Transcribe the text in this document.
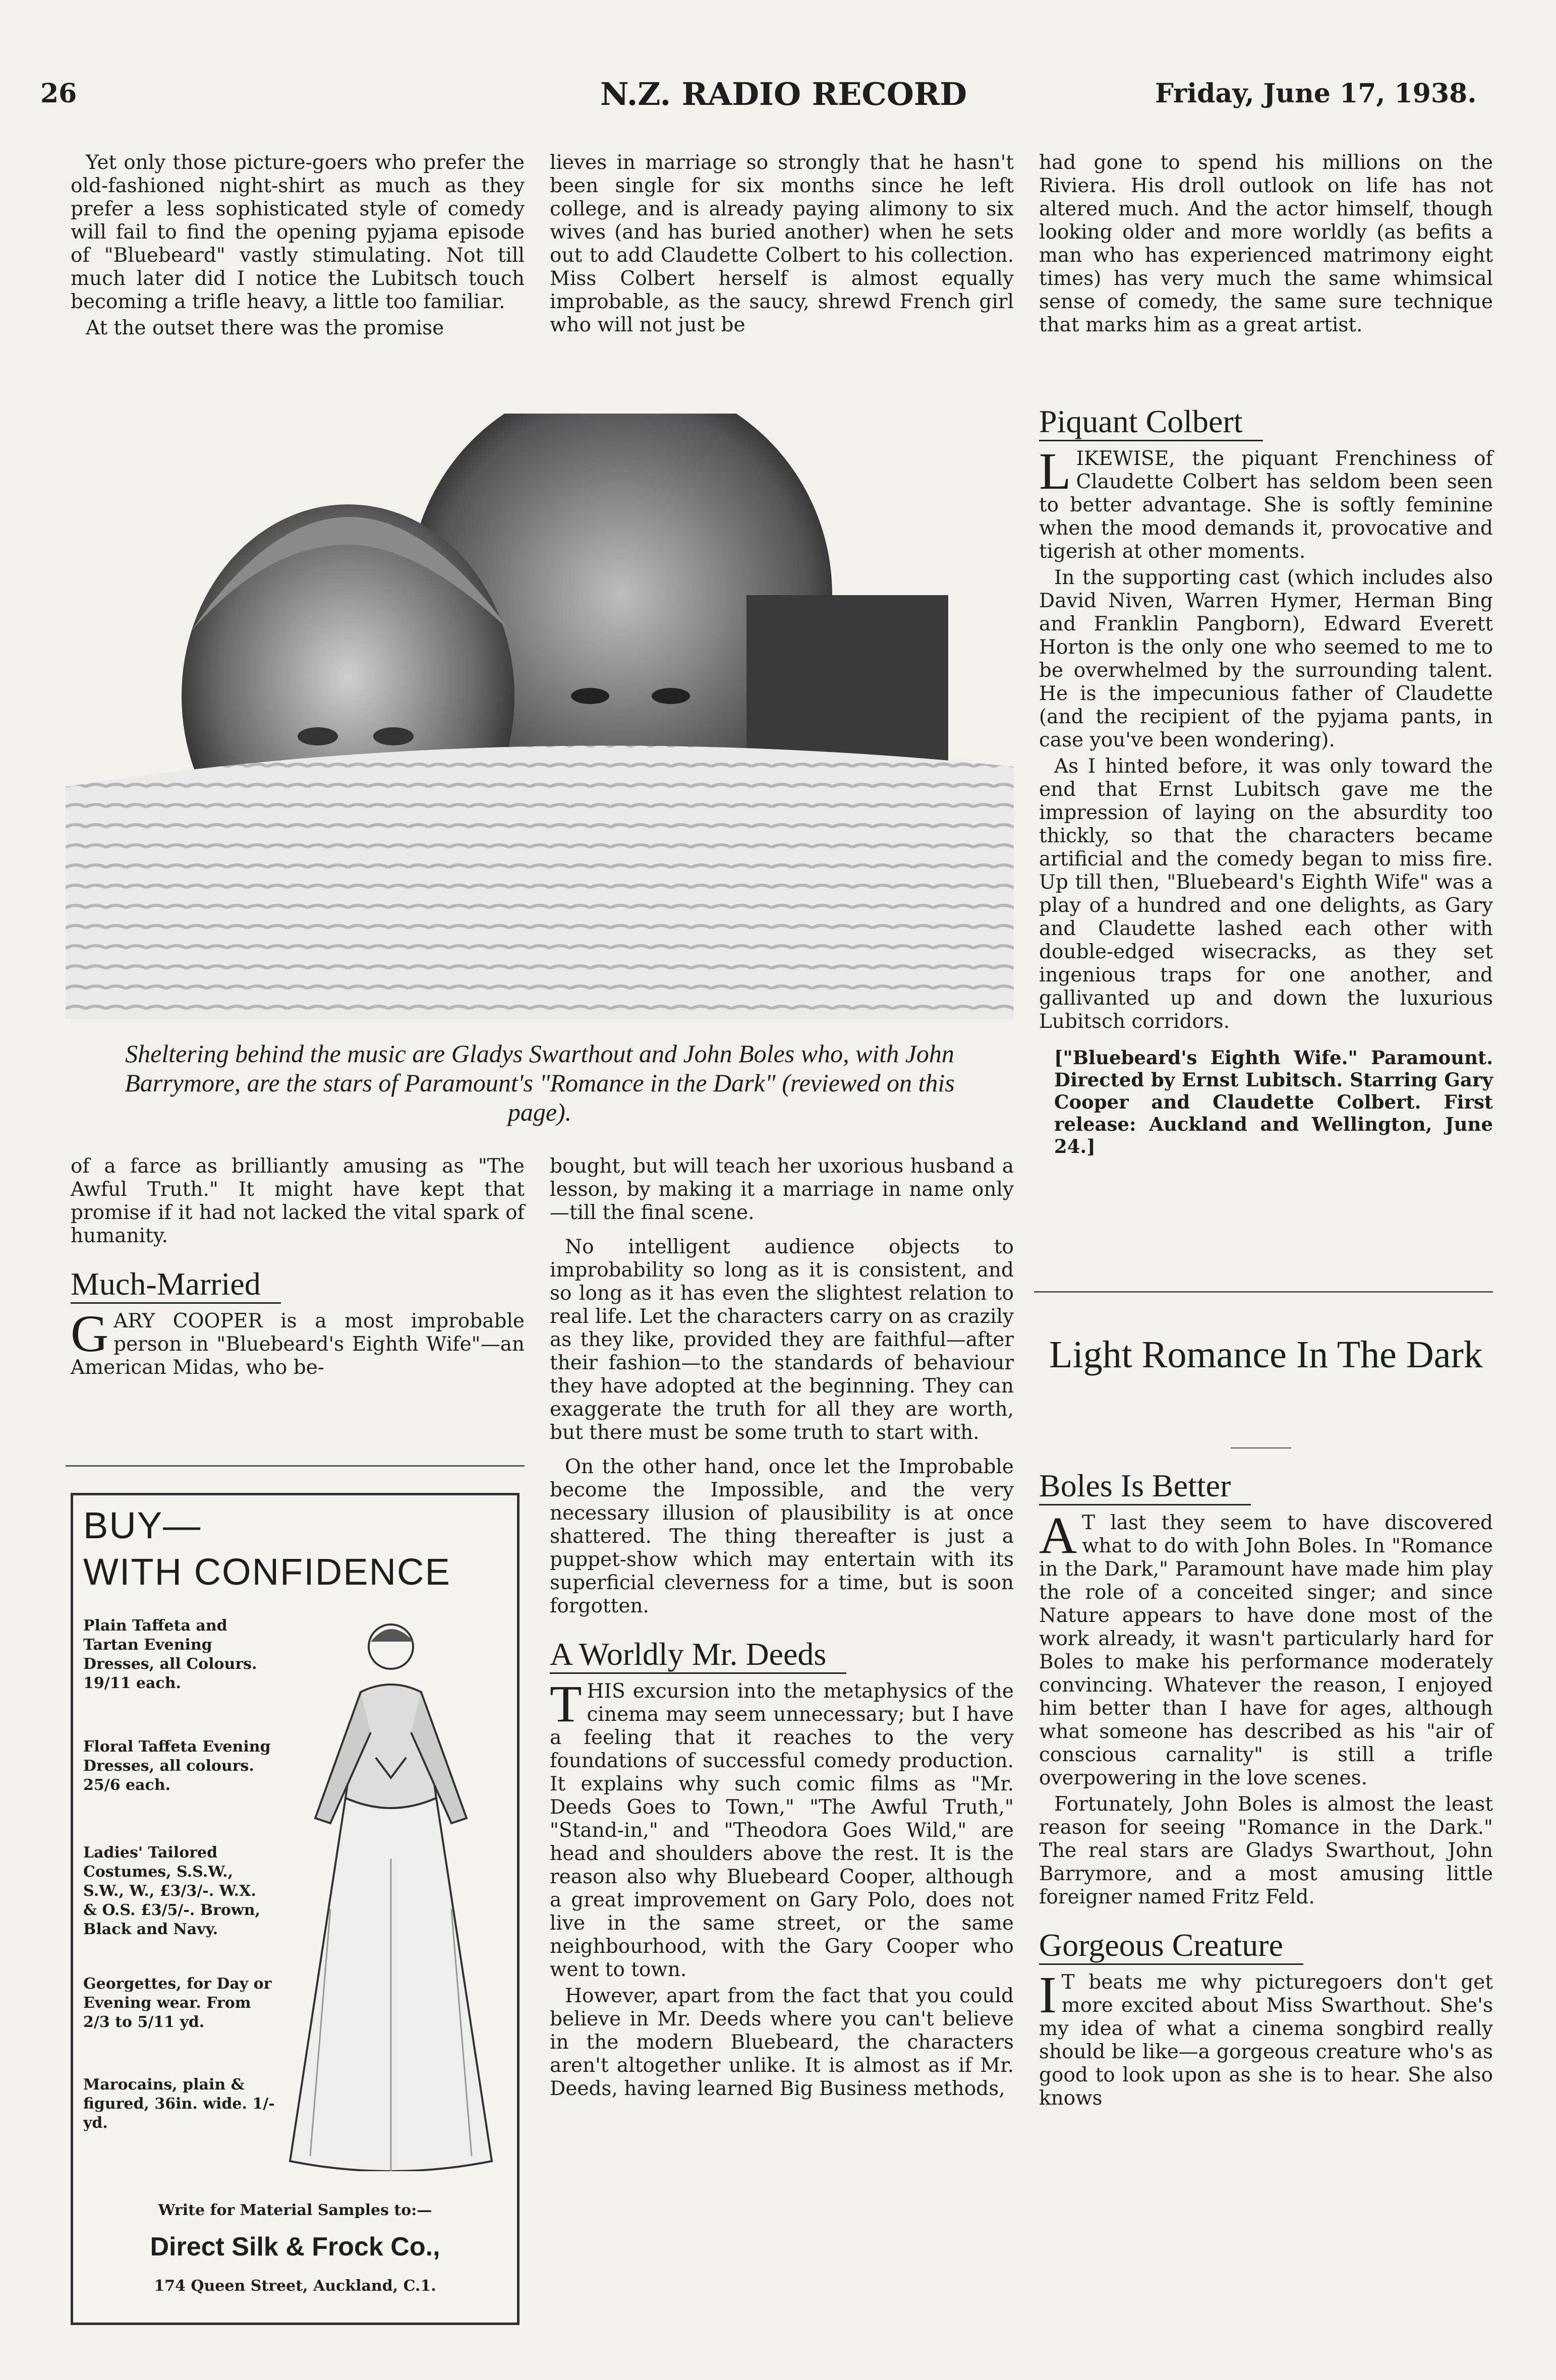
26	N.Z. RADIO RECORD	Friday, June 17, 1938.

Yet only those picture-goers who prefer the old-fashioned night-shirt as much as they prefer a less sophisticated style of comedy will fail to find the opening pyjama episode of "Bluebeard" vastly stimulating. Not till much later did I notice the Lubitsch touch becoming a trifle heavy, a little too familiar.

At the outset there was the promise

lieves in marriage so strongly that he hasn't been single for six months since he left college, and is already paying alimony to six wives (and has buried another) when he sets out to add Claudette Colbert to his collection. Miss Colbert herself is almost equally improbable, as the saucy, shrewd French girl who will not just be

had gone to spend his millions on the Riviera. His droll outlook on life has not altered much. And the actor himself, though looking older and more worldly (as befits a man who has experienced matrimony eight times) has very much the same whimsical sense of comedy, the same sure technique that marks him as a great artist.

Piquant Colbert

LIKEWISE, the piquant Frenchiness of Claudette Colbert has seldom been seen to better advantage. She is softly feminine when the mood demands it, provocative and tigerish at other moments.

In the supporting cast (which includes also David Niven, Warren Hymer, Herman Bing and Franklin Pangborn), Edward Everett Horton is the only one who seemed to me to be overwhelmed by the surrounding talent. He is the impecunious father of Claudette (and the recipient of the pyjama pants, in case you've been wondering).

As I hinted before, it was only toward the end that Ernst Lubitsch gave me the impression of laying on the absurdity too thickly, so that the characters became artificial and the comedy began to miss fire. Up till then, "Bluebeard's Eighth Wife" was a play of a hundred and one delights, as Gary and Claudette lashed each other with double-edged wisecracks, as they set ingenious traps for one another, and gallivanted up and down the luxurious Lubitsch corridors.

["Bluebeard's Eighth Wife." Paramount. Directed by Ernst Lubitsch. Starring Gary Cooper and Claudette Colbert. First release: Auckland and Wellington, June 24.]
Sheltering behind the music are Gladys Swarthout and John Boles who, with John Barrymore, are the stars of Paramount's "Romance in the Dark" (reviewed on this page).

of a farce as brilliantly amusing as "The Awful Truth." It might have kept that promise if it had not lacked the vital spark of humanity.

Much-Married

GARY COOPER is a most improbable person in "Bluebeard's Eighth Wife"—an American Midas, who be-

BUY—
WITH CONFIDENCE
Plain Taffeta and Tartan Evening Dresses, all Colours. 19/11 each.
Floral Taffeta Evening Dresses, all colours. 25/6 each.
Ladies' Tailored Costumes, S.S.W., S.W., W., £3/3/-. W.X. & O.S. £3/5/-. Brown, Black and Navy.
Georgettes, for Day or Evening wear. From 2/3 to 5/11 yd.
Marocains, plain & figured, 36in. wide. 1/- yd.
Write for Material Samples to:—
Direct Silk & Frock Co.,
174 Queen Street, Auckland, C.1.

bought, but will teach her uxorious husband a lesson, by making it a marriage in name only—till the final scene.

No intelligent audience objects to improbability so long as it is consistent, and so long as it has even the slightest relation to real life. Let the characters carry on as crazily as they like, provided they are faithful—after their fashion—to the standards of behaviour they have adopted at the beginning. They can exaggerate the truth for all they are worth, but there must be some truth to start with.

On the other hand, once let the Improbable become the Impossible, and the very necessary illusion of plausibility is at once shattered. The thing thereafter is just a puppet-show which may entertain with its superficial cleverness for a time, but is soon forgotten.

A Worldly Mr. Deeds

THIS excursion into the metaphysics of the cinema may seem unnecessary; but I have a feeling that it reaches to the very foundations of successful comedy production. It explains why such comic films as "Mr. Deeds Goes to Town," "The Awful Truth," "Stand-in," and "Theodora Goes Wild," are head and shoulders above the rest. It is the reason also why Bluebeard Cooper, although a great improvement on Gary Polo, does not live in the same street, or the same neighbourhood, with the Gary Cooper who went to town.

However, apart from the fact that you could believe in Mr. Deeds where you can't believe in the modern Bluebeard, the characters aren't altogether unlike. It is almost as if Mr. Deeds, having learned Big Business methods,

Light Romance In The Dark
Boles Is Better

A T last they seem to have discovered what to do with John Boles. In "Romance in the Dark," Paramount have made him play the role of a conceited singer; and since Nature appears to have done most of the work already, it wasn't particularly hard for Boles to make his performance moderately convincing. Whatever the reason, I enjoyed him better than I have for ages, although what someone has described as his "air of conscious carnality" is still a trifle overpowering in the love scenes.

Fortunately, John Boles is almost the least reason for seeing "Romance in the Dark." The real stars are Gladys Swarthout, John Barrymore, and a most amusing little foreigner named Fritz Feld.

Gorgeous Creature

I T beats me why picturegoers don't get more excited about Miss Swarthout. She's my idea of what a cinema songbird really should be like—a gorgeous creature who's as good to look upon as she is to hear. She also knows
